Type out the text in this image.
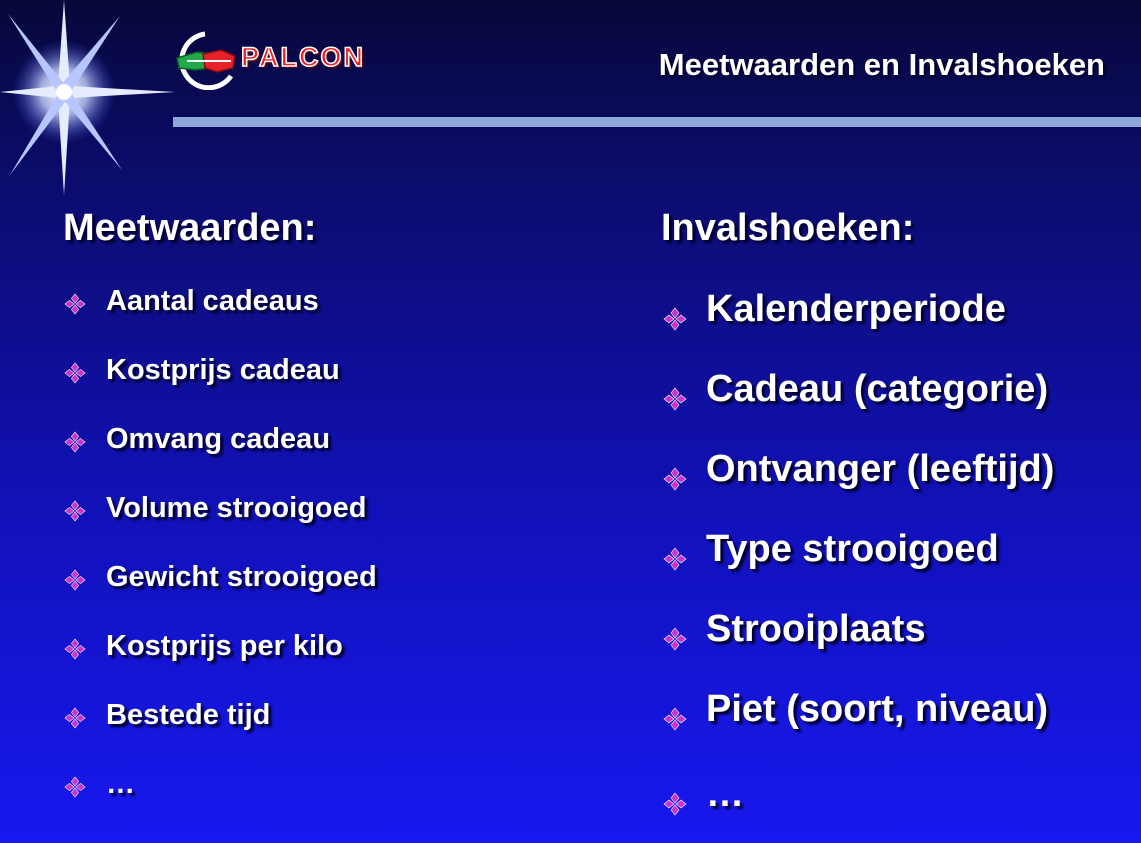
PALCON	Meetwaarden en Invalshoeken
Meetwaarden:
Aantal cadeaus
Kostprijs cadeau
Omvang cadeau
Volume strooigoed
Gewicht strooigoed
Kostprijs per kilo
Bestede tijd
…
Invalshoeken:
Kalenderperiode
Cadeau (categorie)
Ontvanger (leeftijd)
Type strooigoed
Strooiplaats
Piet (soort, niveau)
…
